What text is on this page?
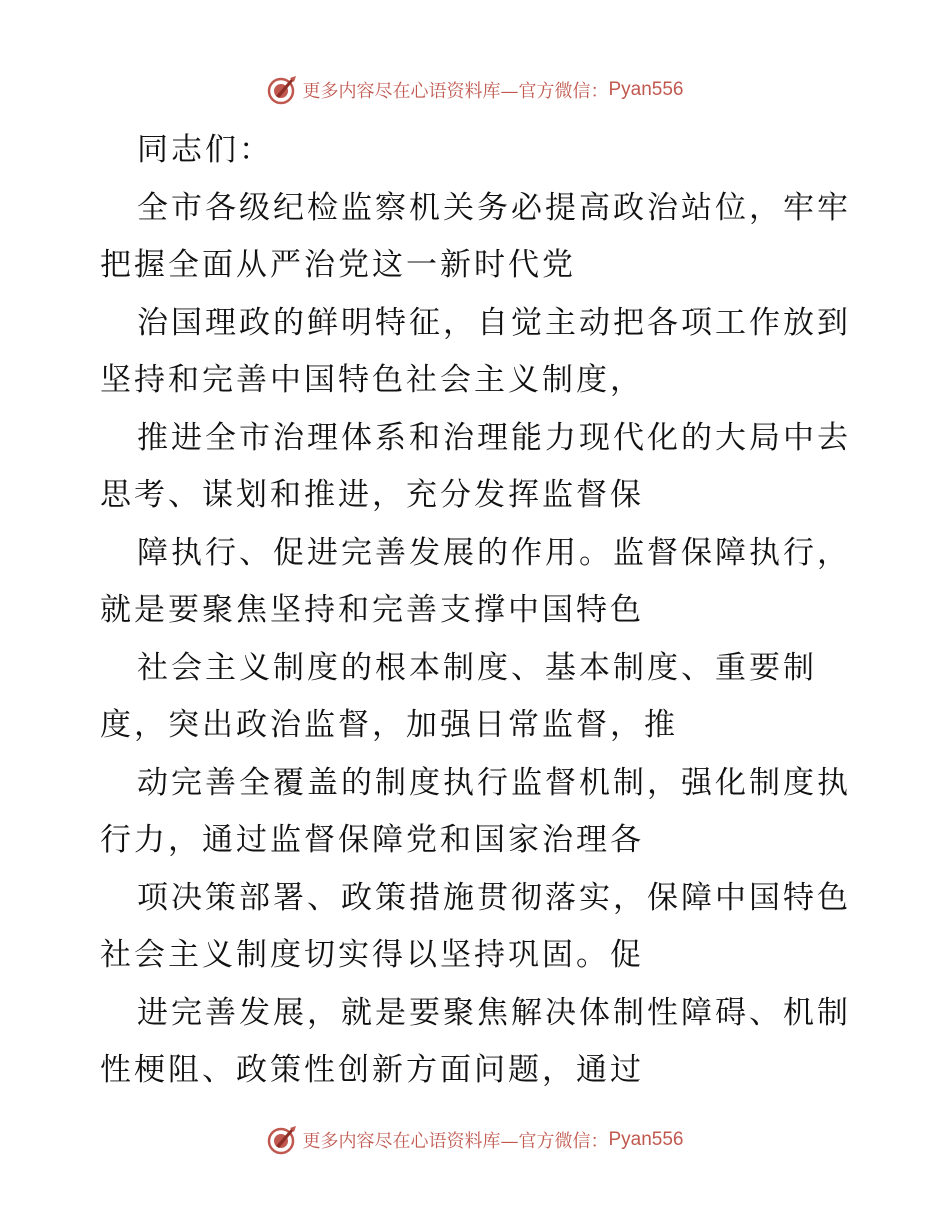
更多内容尽在心语资料库—官方微信： Pyan556

同志们：

全市各级纪检监察机关务必提高政治站位，牢牢

把握全面从严治党这一新时代党

治国理政的鲜明特征，自觉主动把各项工作放到

坚持和完善中国特色社会主义制度，

推进全市治理体系和治理能力现代化的大局中去

思考、谋划和推进，充分发挥监督保

障执行、促进完善发展的作用。监督保障执行，

就是要聚焦坚持和完善支撑中国特色

社会主义制度的根本制度、基本制度、重要制

度，突出政治监督，加强日常监督，推

动完善全覆盖的制度执行监督机制，强化制度执

行力，通过监督保障党和国家治理各

项决策部署、政策措施贯彻落实，保障中国特色

社会主义制度切实得以坚持巩固。促

进完善发展，就是要聚焦解决体制性障碍、机制

性梗阻、政策性创新方面问题，通过

更多内容尽在心语资料库—官方微信： Pyan556
